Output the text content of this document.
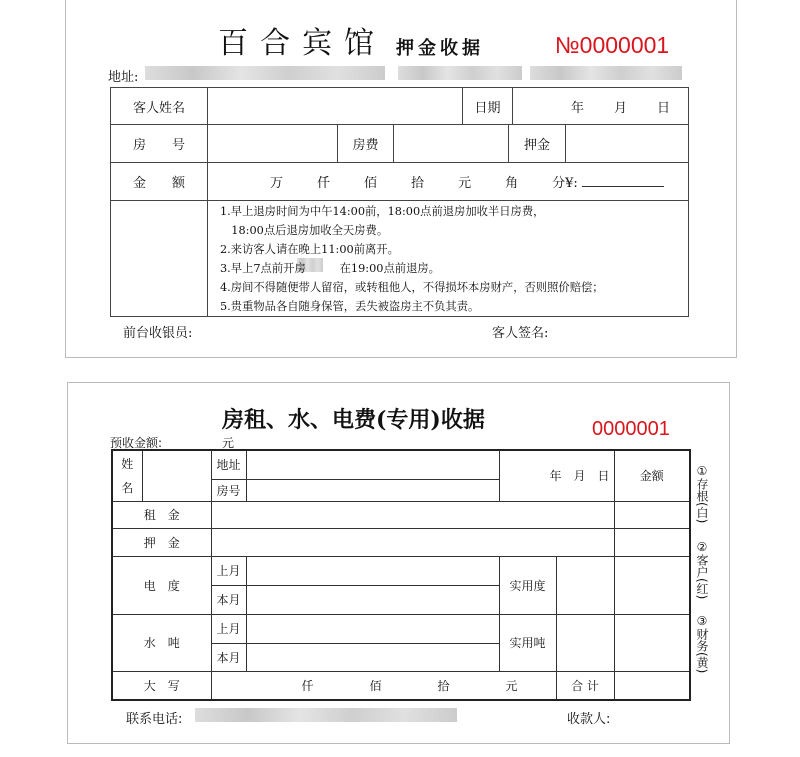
百合宾馆 押金收据	№0000001
地址:
客人姓名		日期	年 月 日
房　　号		房费		押金	
金　　额	万	仟	佰	拾	元	角	分¥:

1.早上退房时间为中午14:00前，18:00点前退房加收半日房费，
　18:00点后退房加收全天房费。
2.来访客人请在晚上11:00前离开。
3.早上7点前开房　　　在19:00点前退房。
4.房间不得随便带人留宿，或转租他人，不得损坏本房财产，否则照价赔偿；
5.贵重物品各自随身保管，丢失被盗房主不负其责。
前台收银员:	客人签名:
房租、水、电费(专用)收据	0000001
预收金额:	元
姓
名		地址		年　月　日		金额
		房号				
租　金						
押　金						
电　度		上月		实用度		
		本月				
水　吨		上月		实用吨		
		本月				
大　写		仟 佰 拾 元			合 计	
①存根(白)
②客户(红)
③财务(黄)
联系电话:	收款人:
